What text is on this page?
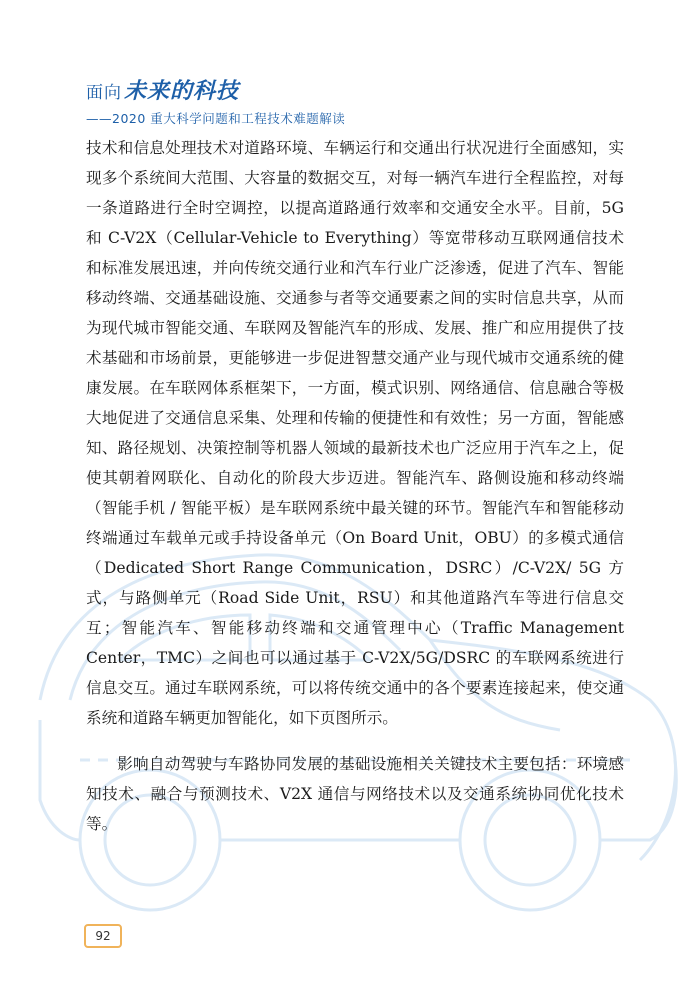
面向 未来的科技
——2020 重大科学问题和工程技术难题解读

技术和信息处理技术对道路环境、车辆运行和交通出行状况进行全面感知，实现多个系统间大范围、大容量的数据交互，对每一辆汽车进行全程监控，对每一条道路进行全时空调控，以提高道路通行效率和交通安全水平。目前，5G 和 C-V2X（Cellular-Vehicle to Everything）等宽带移动互联网通信技术和标准发展迅速，并向传统交通行业和汽车行业广泛渗透，促进了汽车、智能移动终端、交通基础设施、交通参与者等交通要素之间的实时信息共享，从而为现代城市智能交通、车联网及智能汽车的形成、发展、推广和应用提供了技术基础和市场前景，更能够进一步促进智慧交通产业与现代城市交通系统的健康发展。在车联网体系框架下，一方面，模式识别、网络通信、信息融合等极大地促进了交通信息采集、处理和传输的便捷性和有效性；另一方面，智能感知、路径规划、决策控制等机器人领域的最新技术也广泛应用于汽车之上，促使其朝着网联化、自动化的阶段大步迈进。智能汽车、路侧设施和移动终端（智能手机 / 智能平板）是车联网系统中最关键的环节。智能汽车和智能移动终端通过车载单元或手持设备单元（On Board Unit，OBU）的多模式通信（Dedicated Short Range Communication，DSRC）/C-V2X/ 5G 方式，与路侧单元（Road Side Unit，RSU）和其他道路汽车等进行信息交互；智能汽车、智能移动终端和交通管理中心（Traffic Management Center，TMC）之间也可以通过基于 C-V2X/5G/DSRC 的车联网系统进行信息交互。通过车联网系统，可以将传统交通中的各个要素连接起来，使交通系统和道路车辆更加智能化，如下页图所示。

影响自动驾驶与车路协同发展的基础设施相关关键技术主要包括：环境感知技术、融合与预测技术、V2X 通信与网络技术以及交通系统协同优化技术等。

92
